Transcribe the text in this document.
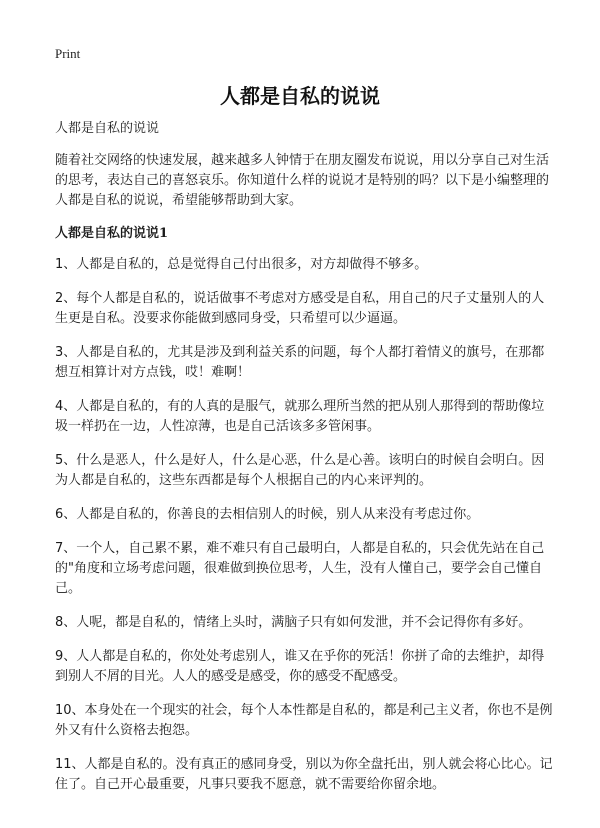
Print
人都是自私的说说

人都是自私的说说

随着社交网络的快速发展，越来越多人钟情于在朋友圈发布说说，用以分享自己对生活的思考，表达自己的喜怒哀乐。你知道什么样的说说才是特别的吗？以下是小编整理的人都是自私的说说，希望能够帮助到大家。

人都是自私的说说1

1、人都是自私的，总是觉得自己付出很多，对方却做得不够多。

2、每个人都是自私的，说话做事不考虑对方感受是自私，用自己的尺子丈量别人的人生更是自私。没要求你能做到感同身受，只希望可以少逼逼。

3、人都是自私的，尤其是涉及到利益关系的问题，每个人都打着情义的旗号，在那都想互相算计对方点钱，哎！难啊！

4、人都是自私的，有的人真的是服气，就那么理所当然的把从别人那得到的帮助像垃圾一样扔在一边，人性凉薄，也是自己活该多多管闲事。

5、什么是恶人，什么是好人，什么是心恶，什么是心善。该明白的时候自会明白。因为人都是自私的，这些东西都是每个人根据自己的内心来评判的。

6、人都是自私的，你善良的去相信别人的时候，别人从来没有考虑过你。

7、一个人，自己累不累，难不难只有自己最明白，人都是自私的，只会优先站在自己的"角度和立场考虑问题，很难做到换位思考，人生，没有人懂自己，要学会自己懂自己。

8、人呢，都是自私的，情绪上头时，满脑子只有如何发泄，并不会记得你有多好。

9、人人都是自私的，你处处考虑别人，谁又在乎你的死活！你拼了命的去维护，却得到别人不屑的目光。人人的感受是感受，你的感受不配感受。

10、本身处在一个现实的社会，每个人本性都是自私的，都是利己主义者，你也不是例外又有什么资格去抱怨。

11、人都是自私的。没有真正的感同身受，别以为你全盘托出，别人就会将心比心。记住了。自己开心最重要，凡事只要我不愿意，就不需要给你留余地。
